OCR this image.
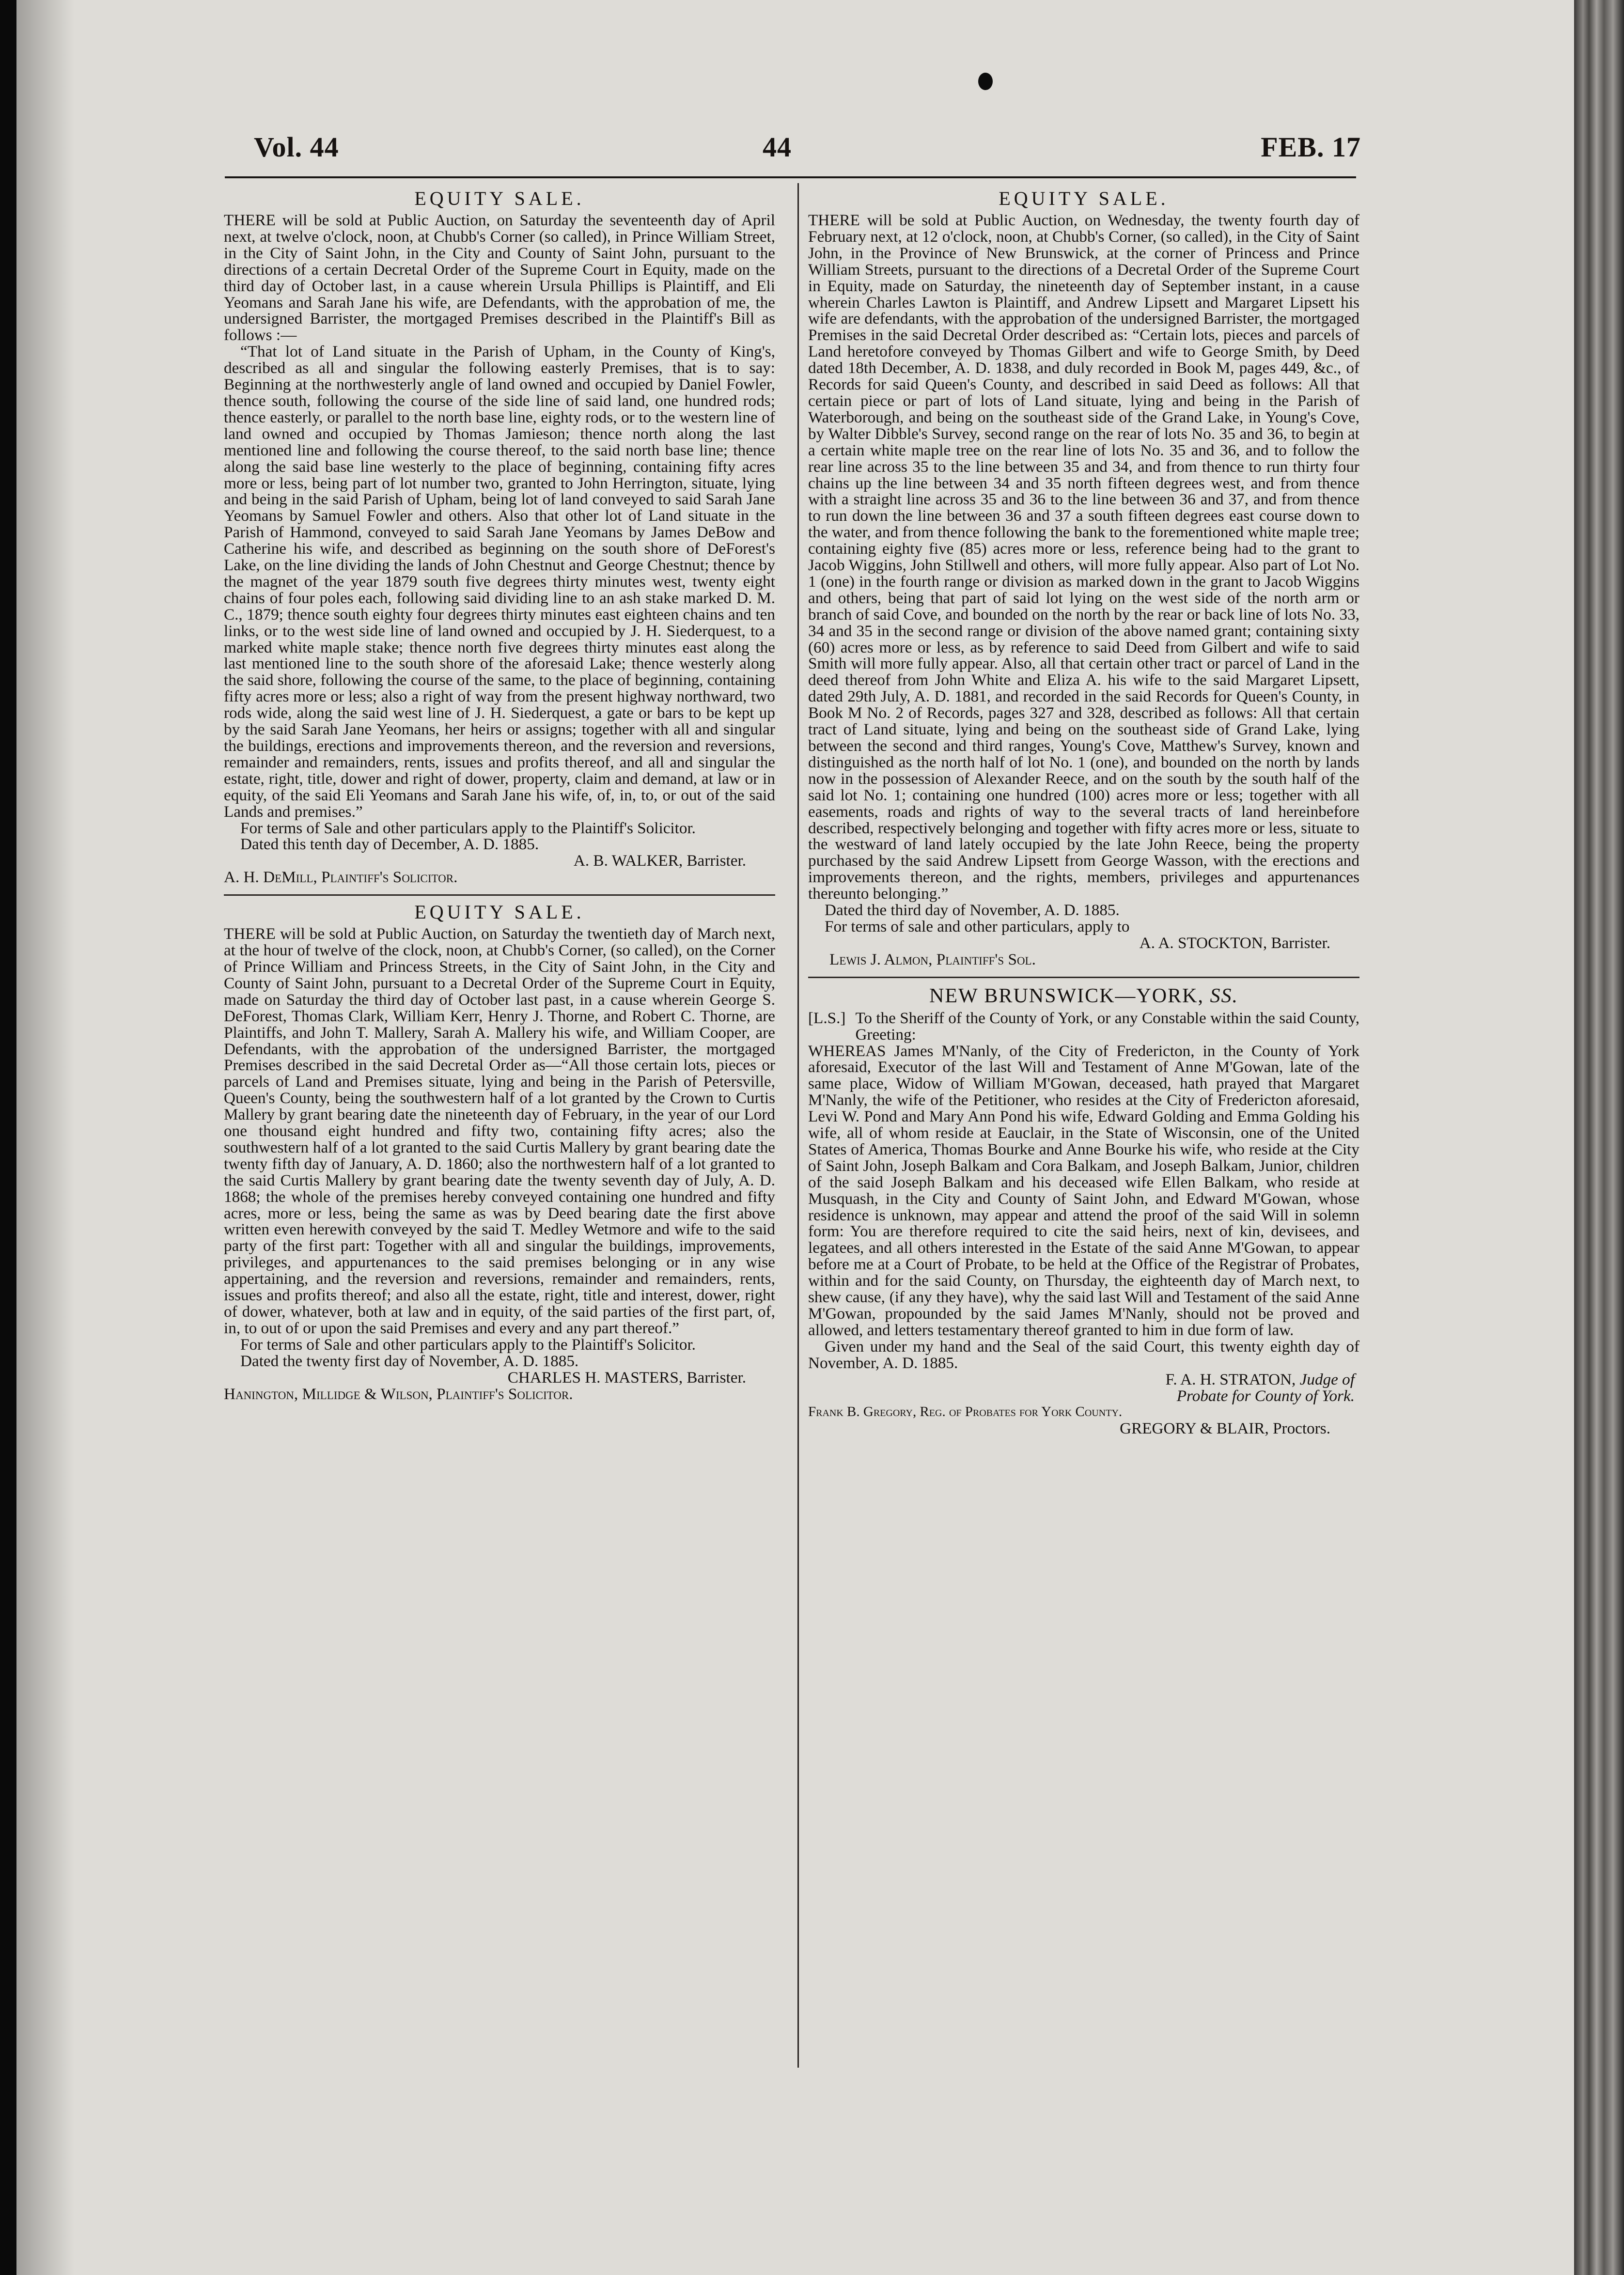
Vol. 44	44	FEB. 17
EQUITY SALE.

THERE will be sold at Public Auction, on Saturday the seventeenth day of April next, at twelve o'clock, noon, at Chubb's Corner (so called), in Prince William Street, in the City of Saint John, in the City and County of Saint John, pursuant to the directions of a certain Decretal Order of the Supreme Court in Equity, made on the third day of October last, in a cause wherein Ursula Phillips is Plaintiff, and Eli Yeomans and Sarah Jane his wife, are Defendants, with the approbation of me, the undersigned Barrister, the mortgaged Premises described in the Plaintiff's Bill as follows :—

“That lot of Land situate in the Parish of Upham, in the County of King's, described as all and singular the following easterly Premises, that is to say: Beginning at the northwesterly angle of land owned and occupied by Daniel Fowler, thence south, following the course of the side line of said land, one hundred rods; thence easterly, or parallel to the north base line, eighty rods, or to the western line of land owned and occupied by Thomas Jamieson; thence north along the last mentioned line and following the course thereof, to the said north base line; thence along the said base line westerly to the place of beginning, containing fifty acres more or less, being part of lot number two, granted to John Herrington, situate, lying and being in the said Parish of Upham, being lot of land conveyed to said Sarah Jane Yeomans by Samuel Fowler and others. Also that other lot of Land situate in the Parish of Hammond, conveyed to said Sarah Jane Yeomans by James DeBow and Catherine his wife, and described as beginning on the south shore of DeForest's Lake, on the line dividing the lands of John Chestnut and George Chestnut; thence by the magnet of the year 1879 south five degrees thirty minutes west, twenty eight chains of four poles each, following said dividing line to an ash stake marked D. M. C., 1879; thence south eighty four degrees thirty minutes east eighteen chains and ten links, or to the west side line of land owned and occupied by J. H. Siederquest, to a marked white maple stake; thence north five degrees thirty minutes east along the last mentioned line to the south shore of the aforesaid Lake; thence westerly along the said shore, following the course of the same, to the place of beginning, containing fifty acres more or less; also a right of way from the present highway northward, two rods wide, along the said west line of J. H. Siederquest, a gate or bars to be kept up by the said Sarah Jane Yeomans, her heirs or assigns; together with all and singular the buildings, erections and improvements thereon, and the reversion and reversions, remainder and remainders, rents, issues and profits thereof, and all and singular the estate, right, title, dower and right of dower, property, claim and demand, at law or in equity, of the said Eli Yeomans and Sarah Jane his wife, of, in, to, or out of the said Lands and premises.”

For terms of Sale and other particulars apply to the Plaintiff's Solicitor.

Dated this tenth day of December, A. D. 1885.

A. B. WALKER, Barrister.

A. H. DeMill, Plaintiff's Solicitor.

EQUITY SALE.

THERE will be sold at Public Auction, on Saturday the twentieth day of March next, at the hour of twelve of the clock, noon, at Chubb's Corner, (so called), on the Corner of Prince William and Princess Streets, in the City of Saint John, in the City and County of Saint John, pursuant to a Decretal Order of the Supreme Court in Equity, made on Saturday the third day of October last past, in a cause wherein George S. DeForest, Thomas Clark, William Kerr, Henry J. Thorne, and Robert C. Thorne, are Plaintiffs, and John T. Mallery, Sarah A. Mallery his wife, and William Cooper, are Defendants, with the approbation of the undersigned Barrister, the mortgaged Premises described in the said Decretal Order as—“All those certain lots, pieces or parcels of Land and Premises situate, lying and being in the Parish of Petersville, Queen's County, being the southwestern half of a lot granted by the Crown to Curtis Mallery by grant bearing date the nineteenth day of February, in the year of our Lord one thousand eight hundred and fifty two, containing fifty acres; also the southwestern half of a lot granted to the said Curtis Mallery by grant bearing date the twenty fifth day of January, A. D. 1860; also the northwestern half of a lot granted to the said Curtis Mallery by grant bearing date the twenty seventh day of July, A. D. 1868; the whole of the premises hereby conveyed containing one hundred and fifty acres, more or less, being the same as was by Deed bearing date the first above written even herewith conveyed by the said T. Medley Wetmore and wife to the said party of the first part: Together with all and singular the buildings, improvements, privileges, and appurtenances to the said premises belonging or in any wise appertaining, and the reversion and reversions, remainder and remainders, rents, issues and profits thereof; and also all the estate, right, title and interest, dower, right of dower, whatever, both at law and in equity, of the said parties of the first part, of, in, to out of or upon the said Premises and every and any part thereof.”

For terms of Sale and other particulars apply to the Plaintiff's Solicitor.

Dated the twenty first day of November, A. D. 1885.

CHARLES H. MASTERS, Barrister.

Hanington, Millidge & Wilson, Plaintiff's Solicitor.

EQUITY SALE.

THERE will be sold at Public Auction, on Wednesday, the twenty fourth day of February next, at 12 o'clock, noon, at Chubb's Corner, (so called), in the City of Saint John, in the Province of New Brunswick, at the corner of Princess and Prince William Streets, pursuant to the directions of a Decretal Order of the Supreme Court in Equity, made on Saturday, the nineteenth day of September instant, in a cause wherein Charles Lawton is Plaintiff, and Andrew Lipsett and Margaret Lipsett his wife are defendants, with the approbation of the undersigned Barrister, the mortgaged Premises in the said Decretal Order described as: “Certain lots, pieces and parcels of Land heretofore conveyed by Thomas Gilbert and wife to George Smith, by Deed dated 18th December, A. D. 1838, and duly recorded in Book M, pages 449, &c., of Records for said Queen's County, and described in said Deed as follows: All that certain piece or part of lots of Land situate, lying and being in the Parish of Waterborough, and being on the southeast side of the Grand Lake, in Young's Cove, by Walter Dibble's Survey, second range on the rear of lots No. 35 and 36, to begin at a certain white maple tree on the rear line of lots No. 35 and 36, and to follow the rear line across 35 to the line between 35 and 34, and from thence to run thirty four chains up the line between 34 and 35 north fifteen degrees west, and from thence with a straight line across 35 and 36 to the line between 36 and 37, and from thence to run down the line between 36 and 37 a south fifteen degrees east course down to the water, and from thence following the bank to the forementioned white maple tree; containing eighty five (85) acres more or less, reference being had to the grant to Jacob Wiggins, John Stillwell and others, will more fully appear. Also part of Lot No. 1 (one) in the fourth range or division as marked down in the grant to Jacob Wiggins and others, being that part of said lot lying on the west side of the north arm or branch of said Cove, and bounded on the north by the rear or back line of lots No. 33, 34 and 35 in the second range or division of the above named grant; containing sixty (60) acres more or less, as by reference to said Deed from Gilbert and wife to said Smith will more fully appear. Also, all that certain other tract or parcel of Land in the deed thereof from John White and Eliza A. his wife to the said Margaret Lipsett, dated 29th July, A. D. 1881, and recorded in the said Records for Queen's County, in Book M No. 2 of Records, pages 327 and 328, described as follows: All that certain tract of Land situate, lying and being on the southeast side of Grand Lake, lying between the second and third ranges, Young's Cove, Matthew's Survey, known and distinguished as the north half of lot No. 1 (one), and bounded on the north by lands now in the possession of Alexander Reece, and on the south by the south half of the said lot No. 1; containing one hundred (100) acres more or less; together with all easements, roads and rights of way to the several tracts of land hereinbefore described, respectively belonging and together with fifty acres more or less, situate to the westward of land lately occupied by the late John Reece, being the property purchased by the said Andrew Lipsett from George Wasson, with the erections and improvements thereon, and the rights, members, privileges and appurtenances thereunto belonging.”

Dated the third day of November, A. D. 1885.

For terms of sale and other particulars, apply to

A. A. STOCKTON, Barrister.

Lewis J. Almon, Plaintiff's Sol.

NEW BRUNSWICK—YORK, SS.
[L.S.] To the Sheriff of the County of York, or any Constable within the said County, Greeting:

WHEREAS James M'Nanly, of the City of Fredericton, in the County of York aforesaid, Executor of the last Will and Testament of Anne M'Gowan, late of the same place, Widow of William M'Gowan, deceased, hath prayed that Margaret M'Nanly, the wife of the Petitioner, who resides at the City of Fredericton aforesaid, Levi W. Pond and Mary Ann Pond his wife, Edward Golding and Emma Golding his wife, all of whom reside at Eauclair, in the State of Wisconsin, one of the United States of America, Thomas Bourke and Anne Bourke his wife, who reside at the City of Saint John, Joseph Balkam and Cora Balkam, and Joseph Balkam, Junior, children of the said Joseph Balkam and his deceased wife Ellen Balkam, who reside at Musquash, in the City and County of Saint John, and Edward M'Gowan, whose residence is unknown, may appear and attend the proof of the said Will in solemn form: You are therefore required to cite the said heirs, next of kin, devisees, and legatees, and all others interested in the Estate of the said Anne M'Gowan, to appear before me at a Court of Probate, to be held at the Office of the Registrar of Probates, within and for the said County, on Thursday, the eighteenth day of March next, to shew cause, (if any they have), why the said last Will and Testament of the said Anne M'Gowan, propounded by the said James M'Nanly, should not be proved and allowed, and letters testamentary thereof granted to him in due form of law.

Given under my hand and the Seal of the said Court, this twenty eighth day of November, A. D. 1885.

F. A. H. STRATON, Judge of

Probate for County of York.

Frank B. Gregory, Reg. of Probates for York County.

GREGORY & BLAIR, Proctors.
